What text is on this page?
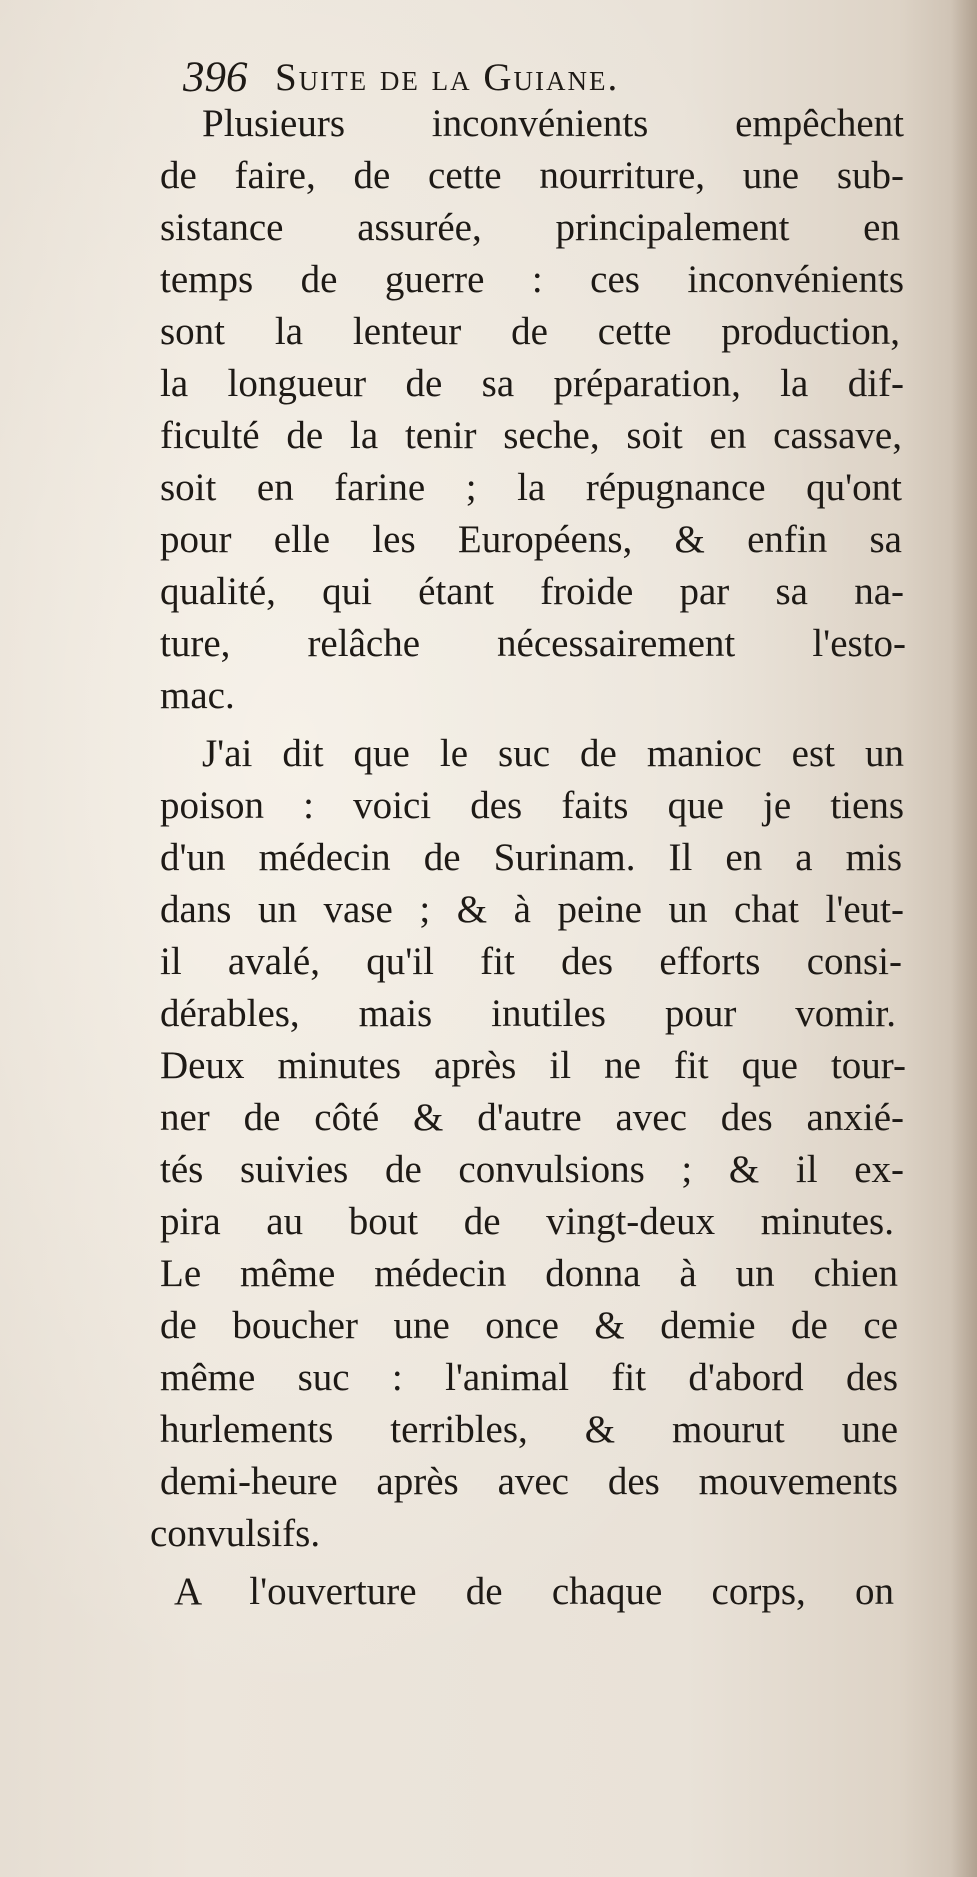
396 Suite de la Guiane.
Plusieurs inconvénients empêchent
de faire, de cette nourriture, une sub-
sistance assurée, principalement en
temps de guerre : ces inconvénients
sont la lenteur de cette production,
la longueur de sa préparation, la dif-
ficulté de la tenir seche, soit en cassave,
soit en farine ; la répugnance qu'ont
pour elle les Européens, & enfin sa
qualité, qui étant froide par sa na-
ture, relâche nécessairement l'esto-
mac.
J'ai dit que le suc de manioc est un
poison : voici des faits que je tiens
d'un médecin de Surinam. Il en a mis
dans un vase ; & à peine un chat l'eut-
il avalé, qu'il fit des efforts consi-
dérables, mais inutiles pour vomir.
Deux minutes après il ne fit que tour-
ner de côté & d'autre avec des anxié-
tés suivies de convulsions ; & il ex-
pira au bout de vingt-deux minutes.
Le même médecin donna à un chien
de boucher une once & demie de ce
même suc : l'animal fit d'abord des
hurlements terribles, & mourut une
demi-heure après avec des mouvements
convulsifs.
A l'ouverture de chaque corps, on
